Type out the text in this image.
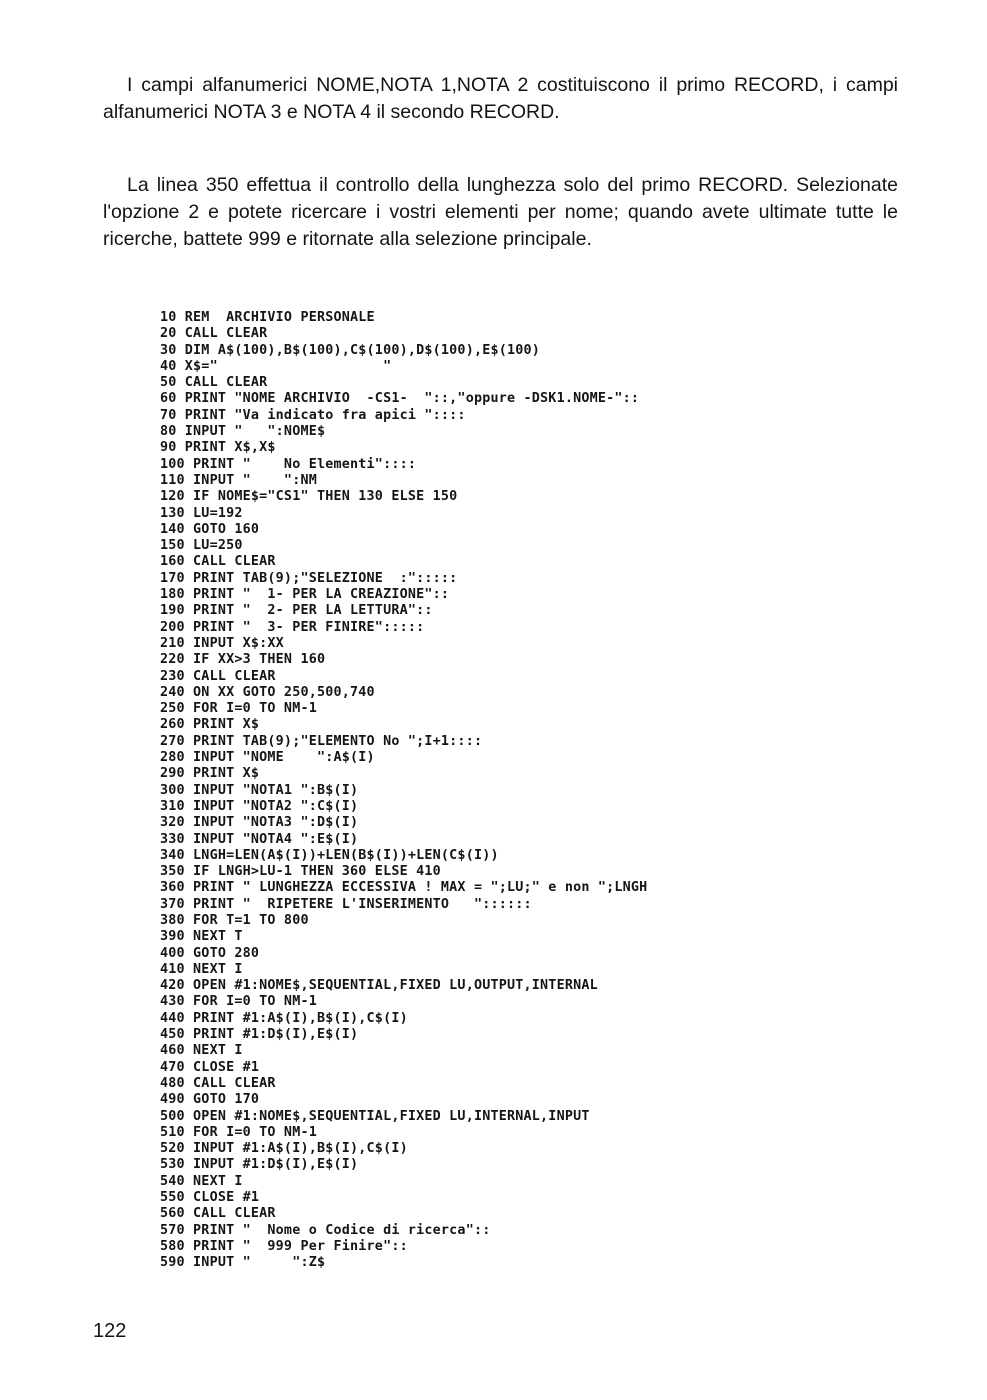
I campi alfanumerici NOME,NOTA 1,NOTA 2 costituiscono il primo RECORD, i campi alfanumerici NOTA 3 e NOTA 4 il secondo RECORD.

La linea 350 effettua il controllo della lunghezza solo del primo RECORD. Selezionate l'opzione 2 e potete ricercare i vostri elementi per nome; quando avete ultimate tutte le ricerche, battete 999 e ritornate alla selezione principale.

10 REM  ARCHIVIO PERSONALE
20 CALL CLEAR
30 DIM A$(100),B$(100),C$(100),D$(100),E$(100)
40 X$="                    "
50 CALL CLEAR
60 PRINT "NOME ARCHIVIO  -CS1-  "::,"oppure -DSK1.NOME-"::
70 PRINT "Va indicato fra apici "::::
80 INPUT "   ":NOME$
90 PRINT X$,X$
100 PRINT "    No Elementi"::::
110 INPUT "    ":NM
120 IF NOME$="CS1" THEN 130 ELSE 150
130 LU=192
140 GOTO 160
150 LU=250
160 CALL CLEAR
170 PRINT TAB(9);"SELEZIONE  :":::::
180 PRINT "  1- PER LA CREAZIONE"::
190 PRINT "  2- PER LA LETTURA"::
200 PRINT "  3- PER FINIRE":::::
210 INPUT X$:XX
220 IF XX>3 THEN 160
230 CALL CLEAR
240 ON XX GOTO 250,500,740
250 FOR I=0 TO NM-1
260 PRINT X$
270 PRINT TAB(9);"ELEMENTO No ";I+1::::
280 INPUT "NOME    ":A$(I)
290 PRINT X$
300 INPUT "NOTA1 ":B$(I)
310 INPUT "NOTA2 ":C$(I)
320 INPUT "NOTA3 ":D$(I)
330 INPUT "NOTA4 ":E$(I)
340 LNGH=LEN(A$(I))+LEN(B$(I))+LEN(C$(I))
350 IF LNGH>LU-1 THEN 360 ELSE 410
360 PRINT " LUNGHEZZA ECCESSIVA ! MAX = ";LU;" e non ";LNGH
370 PRINT "  RIPETERE L'INSERIMENTO   "::::::
380 FOR T=1 TO 800
390 NEXT T
400 GOTO 280
410 NEXT I
420 OPEN #1:NOME$,SEQUENTIAL,FIXED LU,OUTPUT,INTERNAL
430 FOR I=0 TO NM-1
440 PRINT #1:A$(I),B$(I),C$(I)
450 PRINT #1:D$(I),E$(I)
460 NEXT I
470 CLOSE #1
480 CALL CLEAR
490 GOTO 170
500 OPEN #1:NOME$,SEQUENTIAL,FIXED LU,INTERNAL,INPUT
510 FOR I=0 TO NM-1
520 INPUT #1:A$(I),B$(I),C$(I)
530 INPUT #1:D$(I),E$(I)
540 NEXT I
550 CLOSE #1
560 CALL CLEAR
570 PRINT "  Nome o Codice di ricerca"::
580 PRINT "  999 Per Finire"::
590 INPUT "     ":Z$
122
